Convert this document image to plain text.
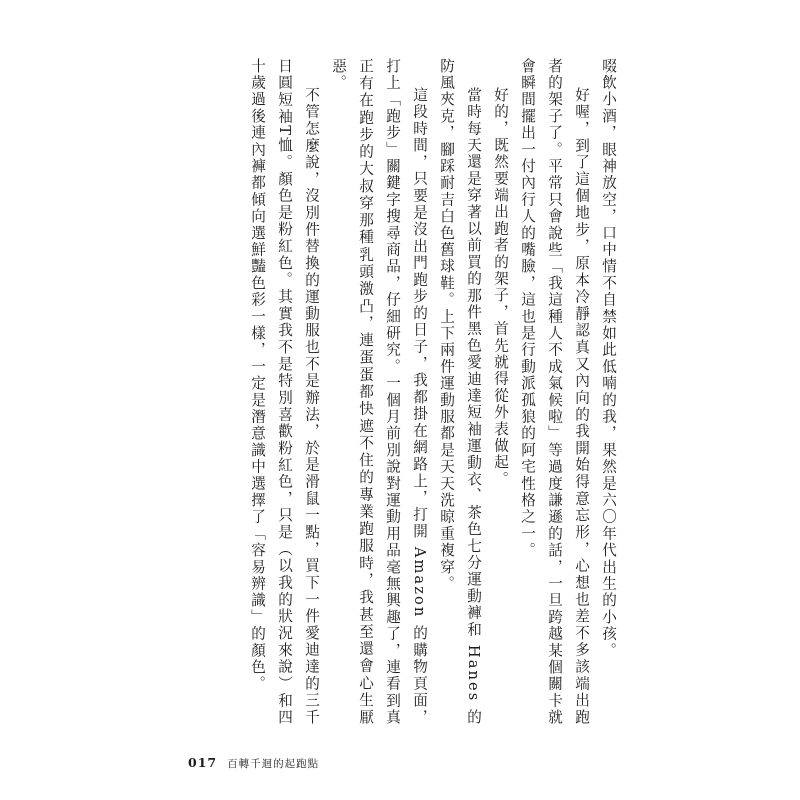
啜飲小酒，眼神放空，口中情不自禁如此低喃的我，果然是六〇年代出生的小孩。

好喔，到了這個地步，原本冷靜認真又內向的我開始得意忘形，心想也差不多該端出跑者的架子了。平常只會說些「我這種人不成氣候啦」等過度謙遜的話，一旦跨越某個關卡就會瞬間擺出一付內行人的嘴臉，這也是行動派孤狼的阿宅性格之一。

好的，既然要端出跑者的架子，首先就得從外表做起。

當時每天還是穿著以前買的那件黑色愛迪達短袖運動衣、茶色七分運動褲和 Hanes 的防風夾克，腳踩耐吉白色舊球鞋。上下兩件運動服都是天天洗晾重複穿。

這段時間，只要是沒出門跑步的日子，我都掛在網路上，打開 Amazon 的購物頁面，打上「跑步」關鍵字搜尋商品，仔細研究。一個月前別說對運動用品毫無興趣了，連看到真正有在跑步的大叔穿那種乳頭激凸，連蛋蛋都快遮不住的專業跑服時，我甚至還會心生厭惡。

不管怎麼說，沒別件替換的運動服也不是辦法，於是滑鼠一點，買下一件愛迪達的三千日圓短袖T恤。顏色是粉紅色。其實我不是特別喜歡粉紅色，只是（以我的狀況來說）和四十歲過後連內褲都傾向選鮮豔色彩一樣，一定是潛意識中選擇了「容易辨識」的顏色。

017 百轉千迴的起跑點
